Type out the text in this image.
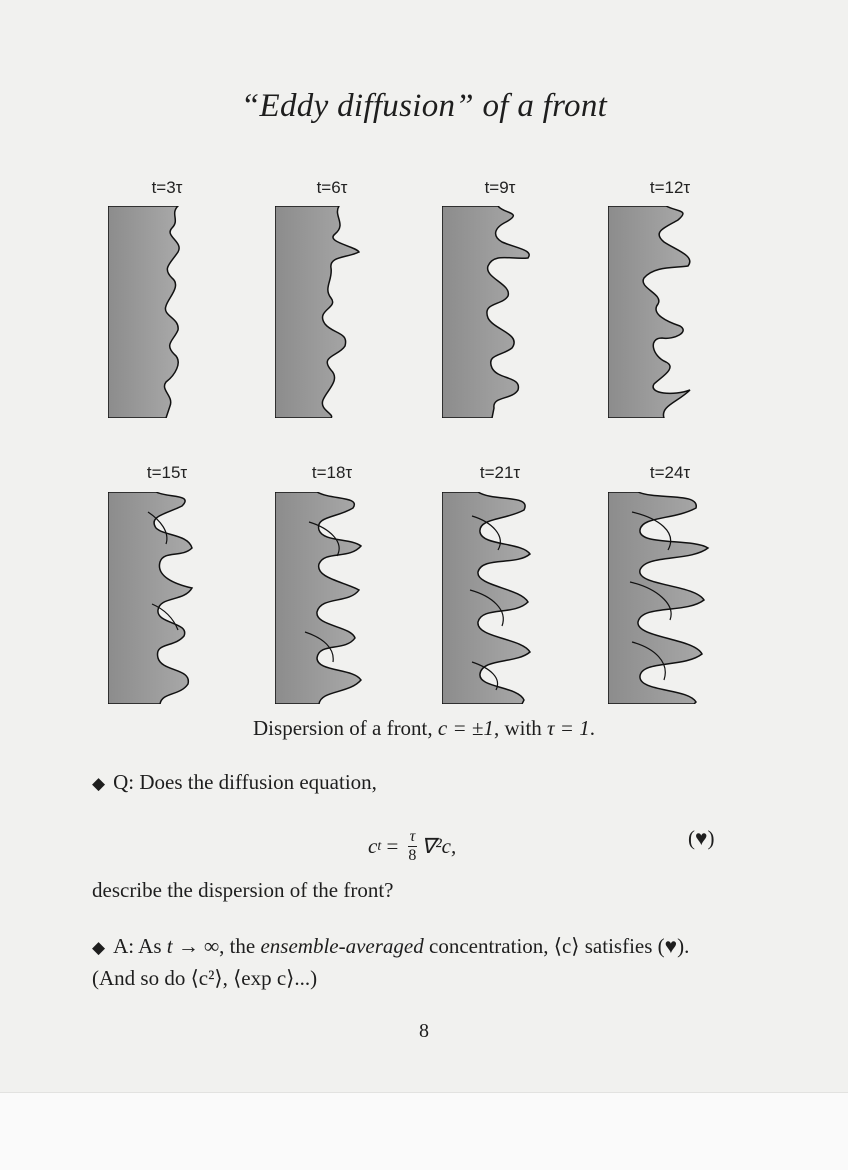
“Eddy diffusion” of a front
t=3τ	t=6τ	t=9τ	t=12τ
t=15τ	t=18τ	t=21τ	t=24τ
Dispersion of a front, c = ±1, with τ = 1.
◆ Q: Does the diffusion equation,
c $t = \frac{\tau}{8} \nabla^2c$,	(♥)
describe the dispersion of the front?
◆ A: As t → ∞, the ensemble-averaged concentration, ⟨c⟩ satisfies (♥).
(And so do ⟨c²⟩, ⟨exp c⟩...)
8
